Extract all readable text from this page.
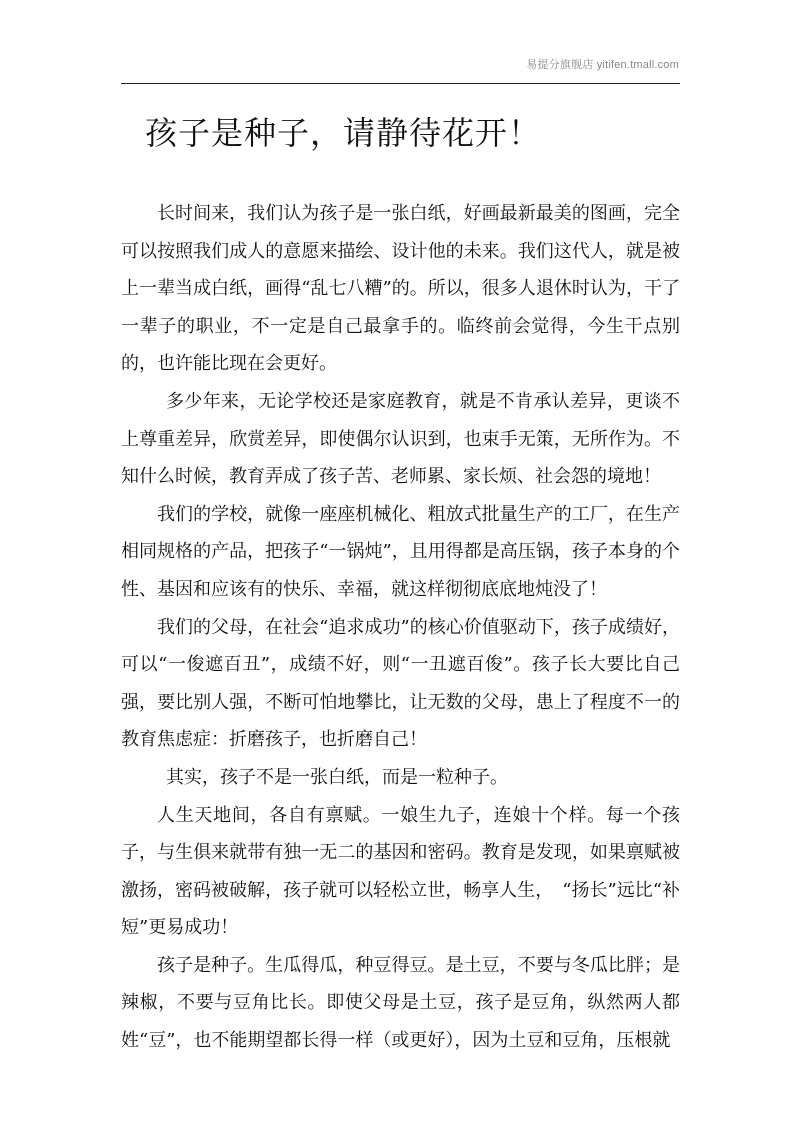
易提分旗舰店 yitifen.tmall.com
孩子是种子，请静待花开！

长时间来，我们认为孩子是一张白纸，好画最新最美的图画，完全可以按照我们成人的意愿来描绘、设计他的未来。我们这代人，就是被上一辈当成白纸，画得“乱七八糟”的。所以，很多人退休时认为，干了一辈子的职业，不一定是自己最拿手的。临终前会觉得，今生干点别的，也许能比现在会更好。

多少年来，无论学校还是家庭教育，就是不肯承认差异，更谈不上尊重差异，欣赏差异，即使偶尔认识到，也束手无策，无所作为。不知什么时候，教育弄成了孩子苦、老师累、家长烦、社会怨的境地！

我们的学校，就像一座座机械化、粗放式批量生产的工厂，在生产相同规格的产品，把孩子“一锅炖”，且用得都是高压锅，孩子本身的个性、基因和应该有的快乐、幸福，就这样彻彻底底地炖没了！

我们的父母，在社会“追求成功”的核心价值驱动下，孩子成绩好，可以“一俊遮百丑”，成绩不好，则“一丑遮百俊”。孩子长大要比自己强，要比别人强，不断可怕地攀比，让无数的父母，患上了程度不一的教育焦虑症：折磨孩子，也折磨自己！

其实，孩子不是一张白纸，而是一粒种子。

人生天地间，各自有禀赋。一娘生九子，连娘十个样。每一个孩子，与生俱来就带有独一无二的基因和密码。教育是发现，如果禀赋被激扬，密码被破解，孩子就可以轻松立世，畅享人生，　“扬长”远比“补短”更易成功！

孩子是种子。生瓜得瓜，种豆得豆。是土豆，不要与冬瓜比胖；是辣椒，不要与豆角比长。即使父母是土豆，孩子是豆角，纵然两人都姓“豆”，也不能期望都长得一样（或更好），因为土豆和豆角，压根就
